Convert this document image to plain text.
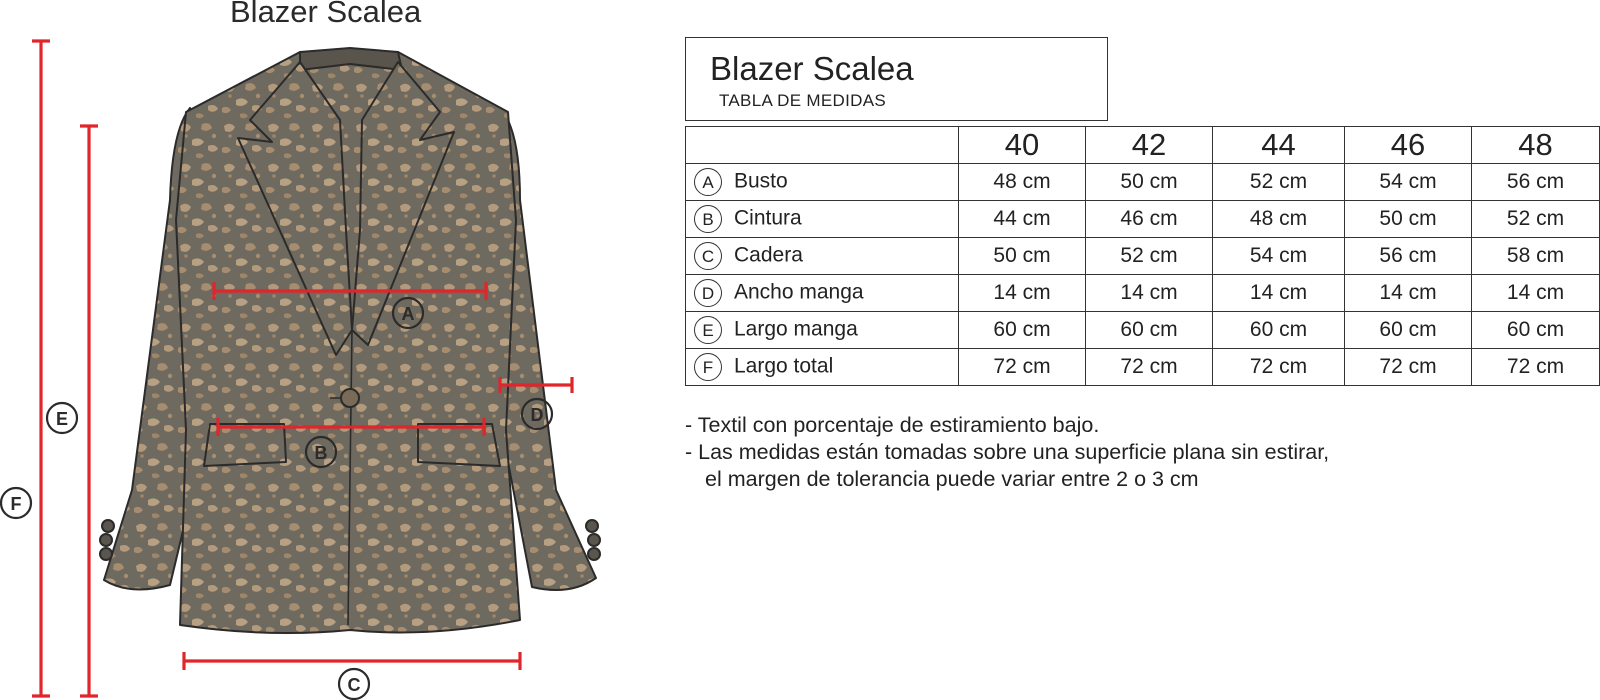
A
B
C
D
E
F
Blazer Scalea
Blazer Scalea
TABLA DE MEDIDAS
	40	42	44	46	48
A Busto	48 cm	50 cm	52 cm	54 cm	56 cm
B Cintura	44 cm	46 cm	48 cm	50 cm	52 cm
C Cadera	50 cm	52 cm	54 cm	56 cm	58 cm
D Ancho manga	14 cm	14 cm	14 cm	14 cm	14 cm
E Largo manga	60 cm	60 cm	60 cm	60 cm	60 cm
F Largo total	72 cm	72 cm	72 cm	72 cm	72 cm
- Textil con porcentaje de estiramiento bajo.
- Las medidas están tomadas sobre una superficie plana sin estirar,
el margen de tolerancia puede variar entre 2 o 3 cm
